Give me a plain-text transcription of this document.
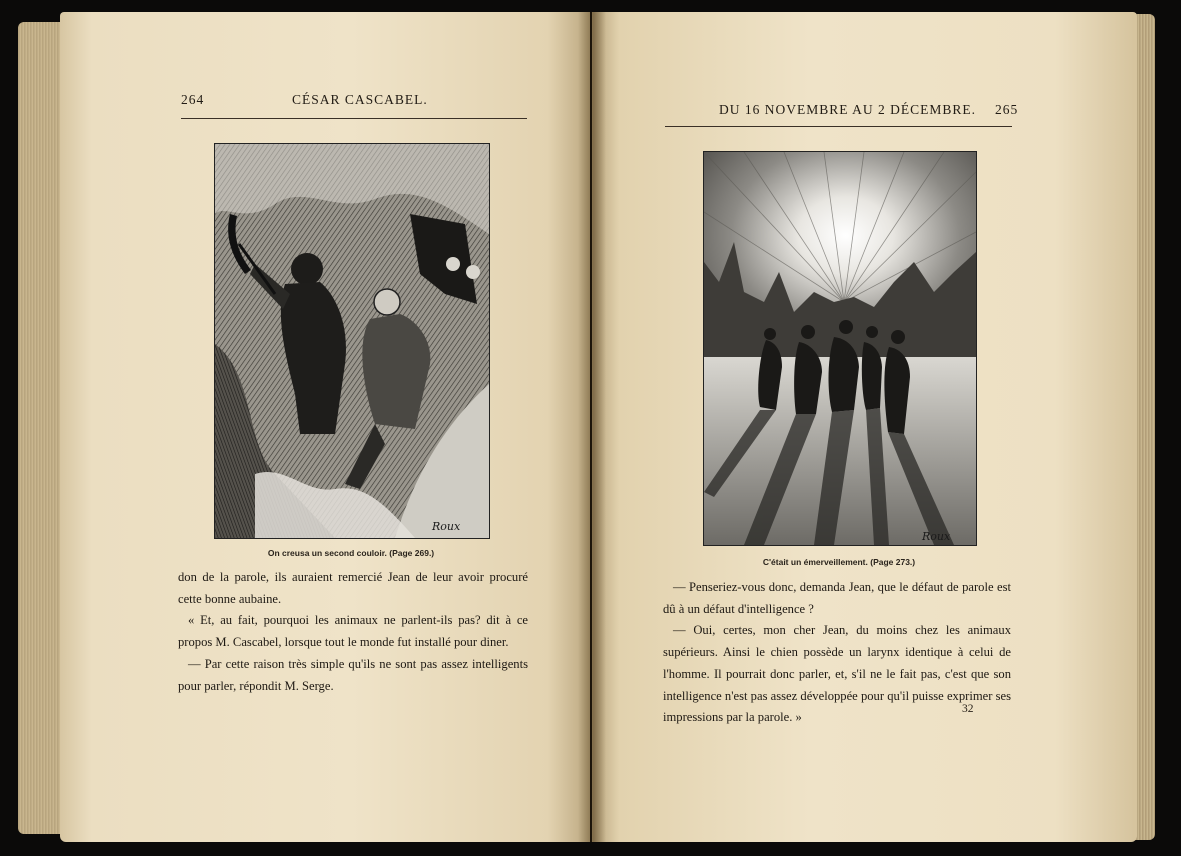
264	CÉSAR CASCABEL.
Roux
On creusa un second couloir. (Page 269.)

don de la parole, ils auraient remercié Jean de leur avoir procuré cette bonne aubaine.

« Et, au fait, pourquoi les animaux ne parlent-ils pas? dit à ce propos M. Cascabel, lorsque tout le monde fut installé pour diner.

— Par cette raison très simple qu'ils ne sont pas assez intelligents pour parler, répondit M. Serge.

DU 16 NOVEMBRE AU 2 DÉCEMBRE. 265
Roux
C'était un émerveillement. (Page 273.)

— Penseriez-vous donc, demanda Jean, que le défaut de parole est dû à un défaut d'intelligence ?

— Oui, certes, mon cher Jean, du moins chez les animaux supérieurs. Ainsi le chien possède un larynx identique à celui de l'homme. Il pourrait donc parler, et, s'il ne le fait pas, c'est que son intelligence n'est pas assez développée pour qu'il puisse exprimer ses impressions par la parole. »

32
